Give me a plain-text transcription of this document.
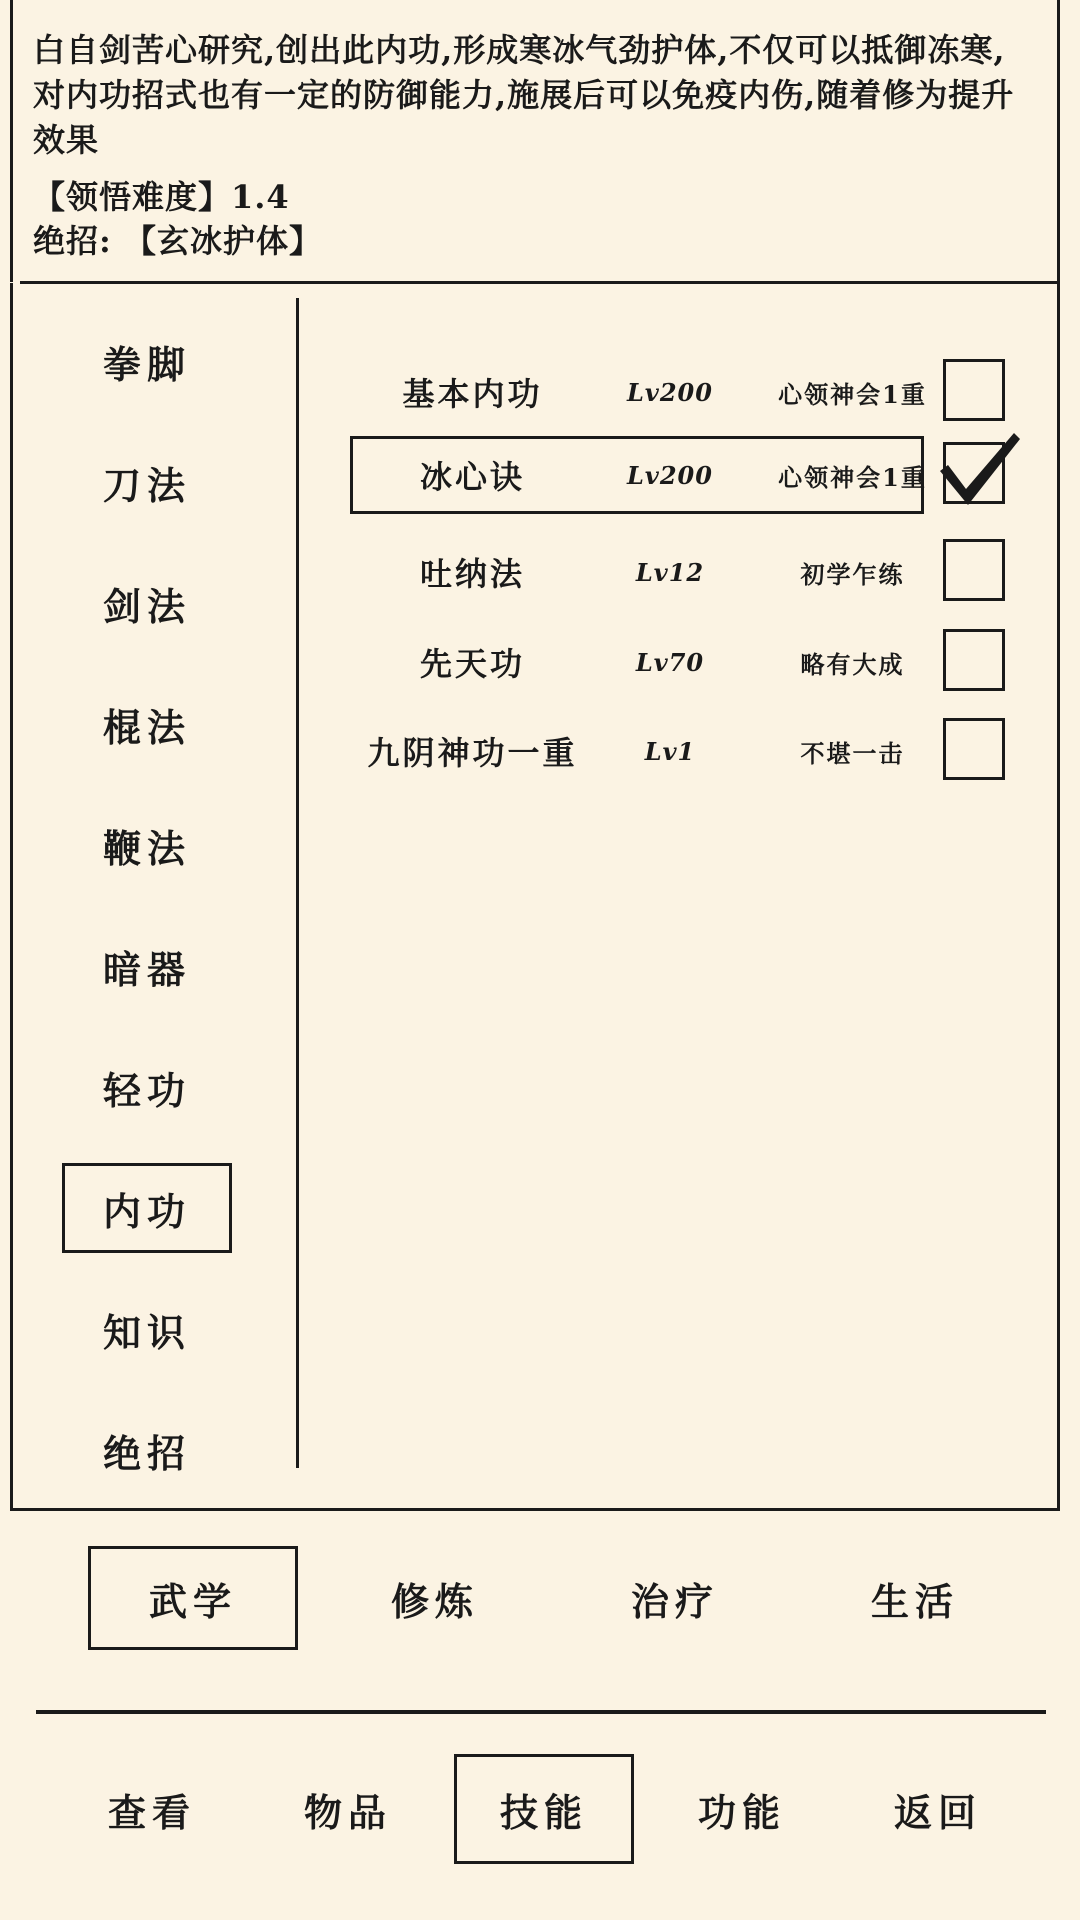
白自剑苦心研究,创出此内功,形成寒冰气劲护体,不仅可以抵御冻寒,对内功招式也有一定的防御能力,施展后可以免疫内伤,随着修为提升效果
【领悟难度】1.4
绝招: 【玄冰护体】
拳脚
刀法
剑法
棍法
鞭法
暗器
轻功
内功
知识
绝招
基本内功	Lv200	心领神会1重
冰心诀	Lv200	心领神会1重
吐纳法	Lv12	初学乍练
先天功	Lv70	略有大成
九阴神功一重	Lv1	不堪一击
武学	修炼	治疗	生活
查看	物品	技能	功能	返回
